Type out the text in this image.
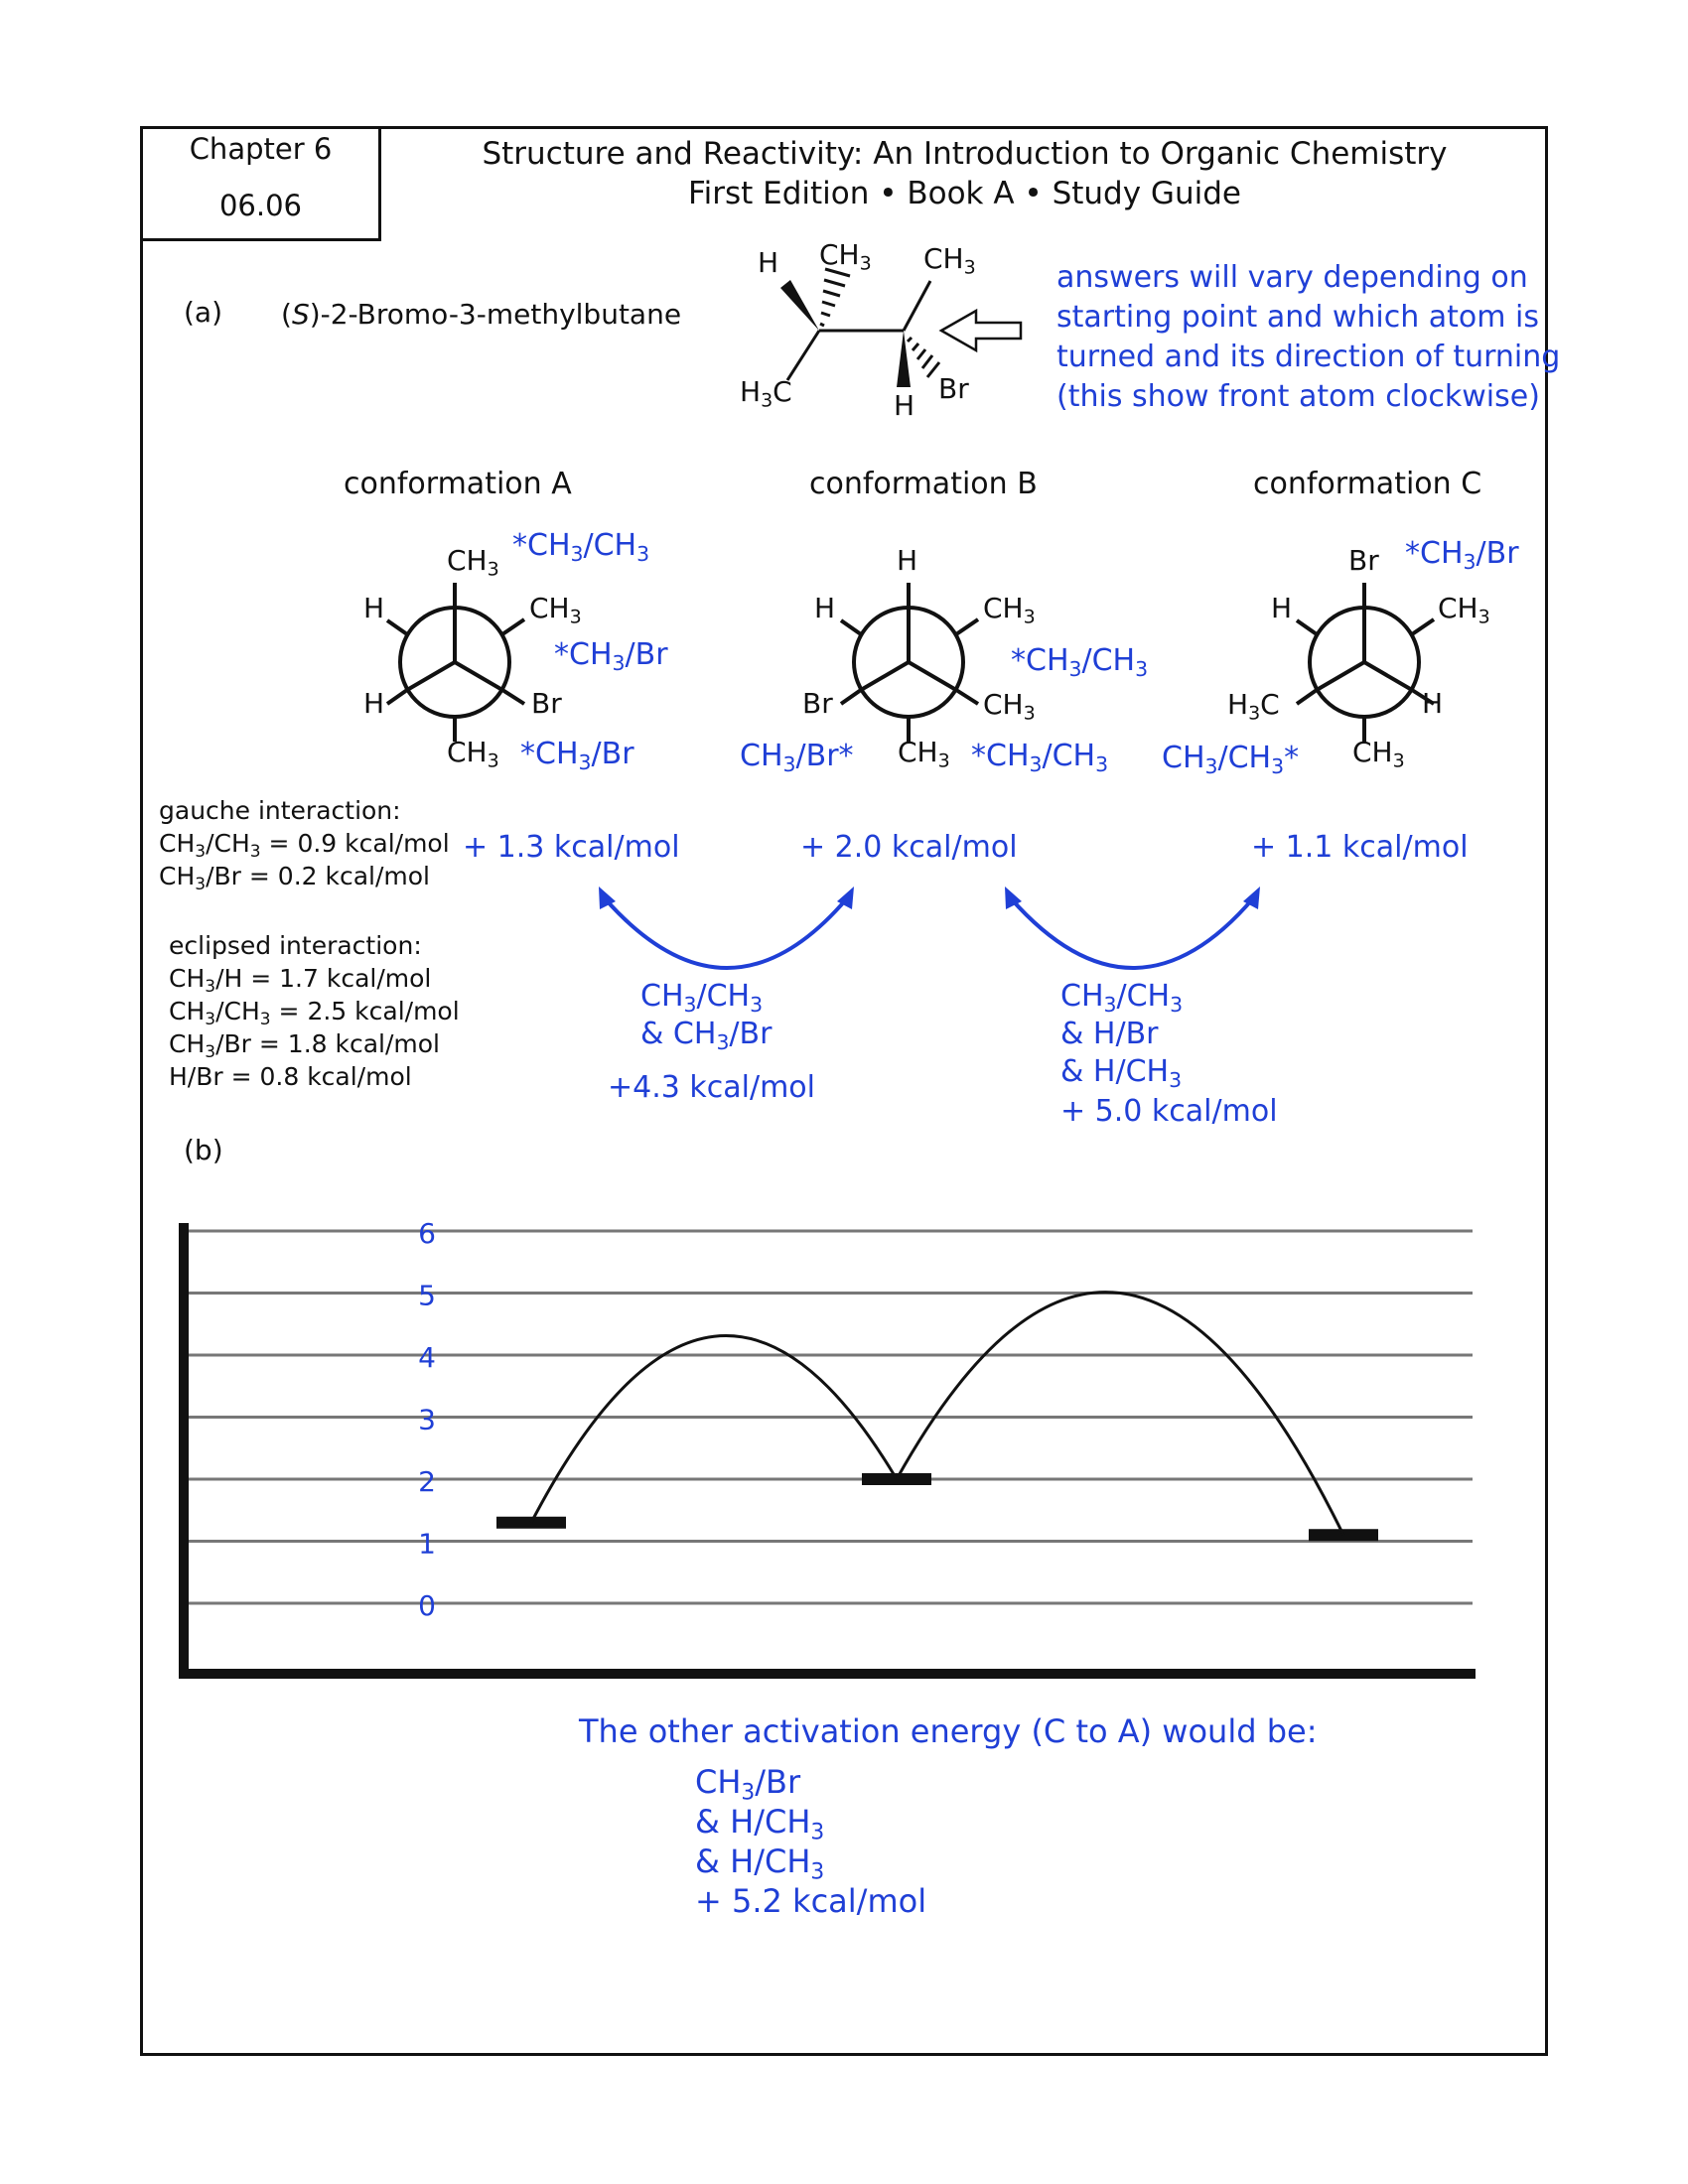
Chapter 6
06.06
Structure and Reactivity: An Introduction to Organic Chemistry
First Edition • Book A • Study Guide
(a) (S)-2-Bromo-3-methylbutane
H $CH_3$ $CH_3$
$H_3C$	H
Br
answers will vary depending on
starting point and which atom is
turned and its direction of turning
(this show front atom clockwise)
conformation A	conformation B	conformation C
$CH_3$
$CH_3$
Br
$CH_3$
H
H
$*CH_3/CH_3$
$*CH_3/Br$
$*CH_3/Br$
H
$CH_3$
$CH_3$
$CH_3$
H
Br
$*CH_3/CH_3$
$*CH_3/CH_3$
$CH_3/Br*$
Br
$CH_3$
H
$CH_3$
H
$H_3C$
$*CH_3/Br$
$CH_3/CH_3*$
+ 1.3 kcal/mol	+ 2.0 kcal/mol	+ 1.1 kcal/mol
gauche interaction:
$CH_3/CH_3 = 0.9$ kcal/mol
$CH_3/Br = 0.2$ kcal/mol
eclipsed interaction:
$CH_3/H = 1.7$ kcal/mol
$CH_3/CH_3 = 2.5$ kcal/mol
$CH_3/Br = 1.8$ kcal/mol
H/Br = 0.8 kcal/mol
$CH_3/CH_3$
& $CH_3/Br$
+4.3 kcal/mol
$CH_3/CH_3$
& H/Br
& $H/CH_3$
+ 5.0 kcal/mol
(b)
0
1
2
3
4
5
6
The other activation energy (C to A) would be:
$CH_3/Br$
& $H/CH_3$
& $H/CH_3$
+ 5.2 kcal/mol
